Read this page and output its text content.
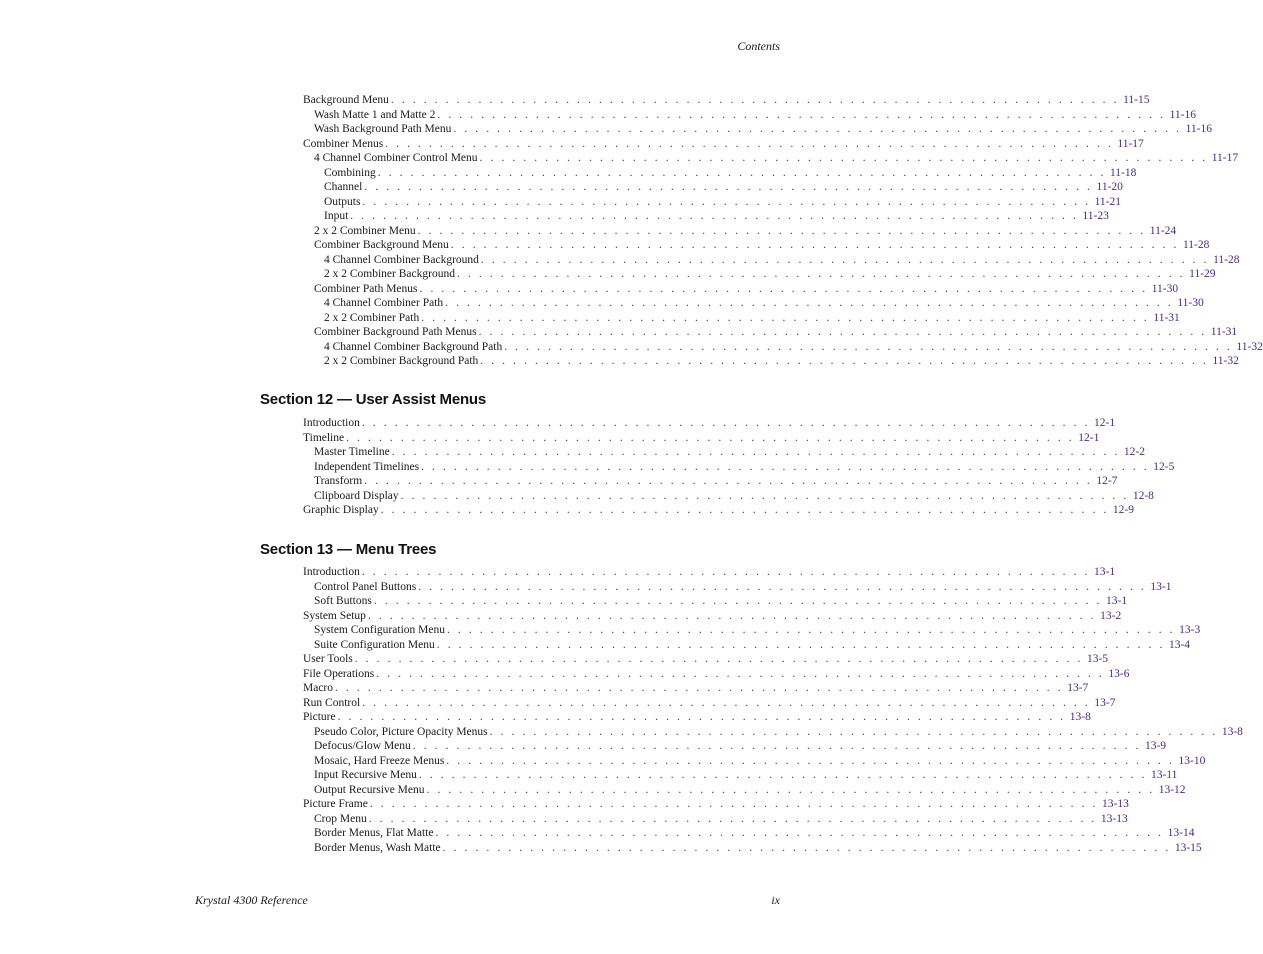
Contents
Background Menu . . . . . . . . . . . . . . . . . . . . . . . . . . . . . . . . . . . . . . . . . . . . . . . . . . . . . . . . . . . . . . . . . . . 11-15
Wash Matte 1 and Matte 2 . . . . . . . . . . . . . . . . . . . . . . . . . . . . . . . . . . . . . . . . . . . . . . . . . . . . . . . . . . . . . . . . . . . 11-16
Wash Background Path Menu . . . . . . . . . . . . . . . . . . . . . . . . . . . . . . . . . . . . . . . . . . . . . . . . . . . . . . . . . . . . . . . . . . . 11-16
Combiner Menus . . . . . . . . . . . . . . . . . . . . . . . . . . . . . . . . . . . . . . . . . . . . . . . . . . . . . . . . . . . . . . . . . . . 11-17
4 Channel Combiner Control Menu . . . . . . . . . . . . . . . . . . . . . . . . . . . . . . . . . . . . . . . . . . . . . . . . . . . . . . . . . . . . . . . . . . . 11-17
Combining . . . . . . . . . . . . . . . . . . . . . . . . . . . . . . . . . . . . . . . . . . . . . . . . . . . . . . . . . . . . . . . . . . . 11-18
Channel . . . . . . . . . . . . . . . . . . . . . . . . . . . . . . . . . . . . . . . . . . . . . . . . . . . . . . . . . . . . . . . . . . . 11-20
Outputs . . . . . . . . . . . . . . . . . . . . . . . . . . . . . . . . . . . . . . . . . . . . . . . . . . . . . . . . . . . . . . . . . . . 11-21
Input . . . . . . . . . . . . . . . . . . . . . . . . . . . . . . . . . . . . . . . . . . . . . . . . . . . . . . . . . . . . . . . . . . . 11-23
2 x 2 Combiner Menu . . . . . . . . . . . . . . . . . . . . . . . . . . . . . . . . . . . . . . . . . . . . . . . . . . . . . . . . . . . . . . . . . . . 11-24
Combiner Background Menu . . . . . . . . . . . . . . . . . . . . . . . . . . . . . . . . . . . . . . . . . . . . . . . . . . . . . . . . . . . . . . . . . . . 11-28
4 Channel Combiner Background . . . . . . . . . . . . . . . . . . . . . . . . . . . . . . . . . . . . . . . . . . . . . . . . . . . . . . . . . . . . . . . . . . . 11-28
2 x 2 Combiner Background . . . . . . . . . . . . . . . . . . . . . . . . . . . . . . . . . . . . . . . . . . . . . . . . . . . . . . . . . . . . . . . . . . . 11-29
Combiner Path Menus . . . . . . . . . . . . . . . . . . . . . . . . . . . . . . . . . . . . . . . . . . . . . . . . . . . . . . . . . . . . . . . . . . . 11-30
4 Channel Combiner Path . . . . . . . . . . . . . . . . . . . . . . . . . . . . . . . . . . . . . . . . . . . . . . . . . . . . . . . . . . . . . . . . . . . 11-30
2 x 2 Combiner Path . . . . . . . . . . . . . . . . . . . . . . . . . . . . . . . . . . . . . . . . . . . . . . . . . . . . . . . . . . . . . . . . . . . 11-31
Combiner Background Path Menus . . . . . . . . . . . . . . . . . . . . . . . . . . . . . . . . . . . . . . . . . . . . . . . . . . . . . . . . . . . . . . . . . . . 11-31
4 Channel Combiner Background Path . . . . . . . . . . . . . . . . . . . . . . . . . . . . . . . . . . . . . . . . . . . . . . . . . . . . . . . . . . . . . . . . . . . 11-32
2 x 2 Combiner Background Path . . . . . . . . . . . . . . . . . . . . . . . . . . . . . . . . . . . . . . . . . . . . . . . . . . . . . . . . . . . . . . . . . . . 11-32
Section 12 — User Assist Menus
Introduction . . . . . . . . . . . . . . . . . . . . . . . . . . . . . . . . . . . . . . . . . . . . . . . . . . . . . . . . . . . . . . . . . . . 12-1
Timeline . . . . . . . . . . . . . . . . . . . . . . . . . . . . . . . . . . . . . . . . . . . . . . . . . . . . . . . . . . . . . . . . . . . 12-1
Master Timeline . . . . . . . . . . . . . . . . . . . . . . . . . . . . . . . . . . . . . . . . . . . . . . . . . . . . . . . . . . . . . . . . . . . 12-2
Independent Timelines . . . . . . . . . . . . . . . . . . . . . . . . . . . . . . . . . . . . . . . . . . . . . . . . . . . . . . . . . . . . . . . . . . . 12-5
Transform . . . . . . . . . . . . . . . . . . . . . . . . . . . . . . . . . . . . . . . . . . . . . . . . . . . . . . . . . . . . . . . . . . . 12-7
Clipboard Display . . . . . . . . . . . . . . . . . . . . . . . . . . . . . . . . . . . . . . . . . . . . . . . . . . . . . . . . . . . . . . . . . . . 12-8
Graphic Display . . . . . . . . . . . . . . . . . . . . . . . . . . . . . . . . . . . . . . . . . . . . . . . . . . . . . . . . . . . . . . . . . . . 12-9
Section 13 — Menu Trees
Introduction . . . . . . . . . . . . . . . . . . . . . . . . . . . . . . . . . . . . . . . . . . . . . . . . . . . . . . . . . . . . . . . . . . . 13-1
Control Panel Buttons . . . . . . . . . . . . . . . . . . . . . . . . . . . . . . . . . . . . . . . . . . . . . . . . . . . . . . . . . . . . . . . . . . . 13-1
Soft Buttons . . . . . . . . . . . . . . . . . . . . . . . . . . . . . . . . . . . . . . . . . . . . . . . . . . . . . . . . . . . . . . . . . . . 13-1
System Setup . . . . . . . . . . . . . . . . . . . . . . . . . . . . . . . . . . . . . . . . . . . . . . . . . . . . . . . . . . . . . . . . . . . 13-2
System Configuration Menu . . . . . . . . . . . . . . . . . . . . . . . . . . . . . . . . . . . . . . . . . . . . . . . . . . . . . . . . . . . . . . . . . . . 13-3
Suite Configuration Menu . . . . . . . . . . . . . . . . . . . . . . . . . . . . . . . . . . . . . . . . . . . . . . . . . . . . . . . . . . . . . . . . . . . 13-4
User Tools . . . . . . . . . . . . . . . . . . . . . . . . . . . . . . . . . . . . . . . . . . . . . . . . . . . . . . . . . . . . . . . . . . . 13-5
File Operations . . . . . . . . . . . . . . . . . . . . . . . . . . . . . . . . . . . . . . . . . . . . . . . . . . . . . . . . . . . . . . . . . . . 13-6
Macro . . . . . . . . . . . . . . . . . . . . . . . . . . . . . . . . . . . . . . . . . . . . . . . . . . . . . . . . . . . . . . . . . . . 13-7
Run Control . . . . . . . . . . . . . . . . . . . . . . . . . . . . . . . . . . . . . . . . . . . . . . . . . . . . . . . . . . . . . . . . . . . 13-7
Picture . . . . . . . . . . . . . . . . . . . . . . . . . . . . . . . . . . . . . . . . . . . . . . . . . . . . . . . . . . . . . . . . . . . 13-8
Pseudo Color, Picture Opacity Menus . . . . . . . . . . . . . . . . . . . . . . . . . . . . . . . . . . . . . . . . . . . . . . . . . . . . . . . . . . . . . . . . . . . 13-8
Defocus/Glow Menu . . . . . . . . . . . . . . . . . . . . . . . . . . . . . . . . . . . . . . . . . . . . . . . . . . . . . . . . . . . . . . . . . . . 13-9
Mosaic, Hard Freeze Menus . . . . . . . . . . . . . . . . . . . . . . . . . . . . . . . . . . . . . . . . . . . . . . . . . . . . . . . . . . . . . . . . . . . 13-10
Input Recursive Menu . . . . . . . . . . . . . . . . . . . . . . . . . . . . . . . . . . . . . . . . . . . . . . . . . . . . . . . . . . . . . . . . . . . 13-11
Output Recursive Menu . . . . . . . . . . . . . . . . . . . . . . . . . . . . . . . . . . . . . . . . . . . . . . . . . . . . . . . . . . . . . . . . . . . 13-12
Picture Frame . . . . . . . . . . . . . . . . . . . . . . . . . . . . . . . . . . . . . . . . . . . . . . . . . . . . . . . . . . . . . . . . . . . 13-13
Crop Menu . . . . . . . . . . . . . . . . . . . . . . . . . . . . . . . . . . . . . . . . . . . . . . . . . . . . . . . . . . . . . . . . . . . 13-13
Border Menus, Flat Matte . . . . . . . . . . . . . . . . . . . . . . . . . . . . . . . . . . . . . . . . . . . . . . . . . . . . . . . . . . . . . . . . . . . 13-14
Border Menus, Wash Matte . . . . . . . . . . . . . . . . . . . . . . . . . . . . . . . . . . . . . . . . . . . . . . . . . . . . . . . . . . . . . . . . . . . 13-15
Krystal 4300 Reference	ix
